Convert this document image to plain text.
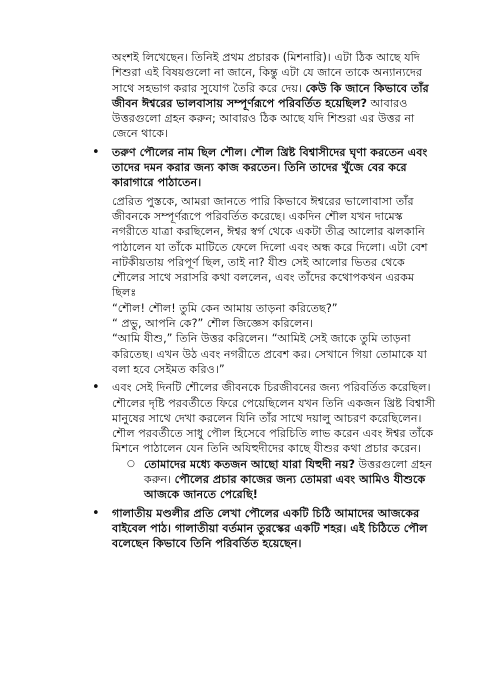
অংশই লিখেছেন। তিনিই প্রথম প্রচারক (মিশনারি)। এটা ঠিক আছে যদি শিশুরা এই বিষয়গুলো না জানে, কিন্তু এটা যে জানে তাকে অন্যান্যদের সাথে সহভাগ করার সুযোগ তৈরি করে দেয়। কেউ কি জানে কিভাবে তাঁর জীবন ঈশ্বরের ভালবাসায় সম্পূর্ণরূপে পরিবর্তিত হয়েছিল? আবারও উত্তরগুলো গ্রহন করুন; আবারও ঠিক আছে যদি শিশুরা এর উত্তর না জেনে থাকে।

• তরুণ পৌলের নাম ছিল শৌল। শৌল খ্রিষ্ট বিশ্বাসীদের ঘৃণা করতেন এবং তাদের দমন করার জন্য কাজ করতেন। তিনি তাদের খুঁজে বের করে কারাগারে পাঠাতেন।

প্রেরিত পুস্তকে, আমরা জানতে পারি কিভাবে ঈশ্বরের ভালোবাসা তাঁর জীবনকে সম্পূর্ণরূপে পরিবর্তিত করেছে। একদিন শৌল যখন দামেস্ক নগরীতে যাত্রা করছিলেন, ঈশ্বর স্বর্গ থেকে একটা তীব্র আলোর ঝলকানি পাঠালেন যা তাঁকে মাটিতে ফেলে দিলো এবং অন্ধ করে দিলো। এটা বেশ নাটকীয়তায় পরিপূর্ণ ছিল, তাই না? যীশু সেই আলোর ভিতর থেকে শৌলের সাথে সরাসরি কথা বললেন, এবং তাঁদের কথোপকথন এরকম ছিলঃ
“শৌল! শৌল! তুমি কেন আমায় তাড়না করিতেছ?”
“ প্রভু, আপনি কে?” শৌল জিজ্ঞেস করিলেন।
“আমি যীশু,” তিনি উত্তর করিলেন। “আমিই সেই জাকে তুমি তাড়না করিতেছ। এখন উঠ এবং নগরীতে প্রবেশ কর। সেখানে গিয়া তোমাকে যা বলা হবে সেইমত করিও।”

• এবং সেই দিনটি শৌলের জীবনকে চিরজীবনের জন্য পরিবর্তিত করেছিল। শৌলের দৃষ্টি পরবর্তীতে ফিরে পেয়েছিলেন যখন তিনি একজন খ্রিষ্ট বিশ্বাসী মানুষের সাথে দেখা করলেন যিনি তাঁর সাথে দয়ালু আচরণ করেছিলেন। শৌল পরবর্তীতে সাধু পৌল হিসেবে পরিচিতি লাভ করেন এবং ঈশ্বর তাঁকে মিশনে পাঠালেন যেন তিনি অযিহুদীদের কাছে যীশুর কথা প্রচার করেন।
○ তোমাদের মধ্যে কতজন আছো যারা যিহুদী নয়? উত্তরগুলো গ্রহন করুন। পৌলের প্রচার কাজের জন্য তোমরা এবং আমিও যীশুকে আজকে জানতে পেরেছি!
• গালাতীয় মণ্ডলীর প্রতি লেখা পৌলের একটি চিঠি আমাদের আজকের বাইবেল পাঠ। গালাতীয়া বর্তমান তুরস্কের একটি শহর। এই চিঠিতে পৌল বলেছেন কিভাবে তিনি পরিবর্তিত হয়েছেন।
